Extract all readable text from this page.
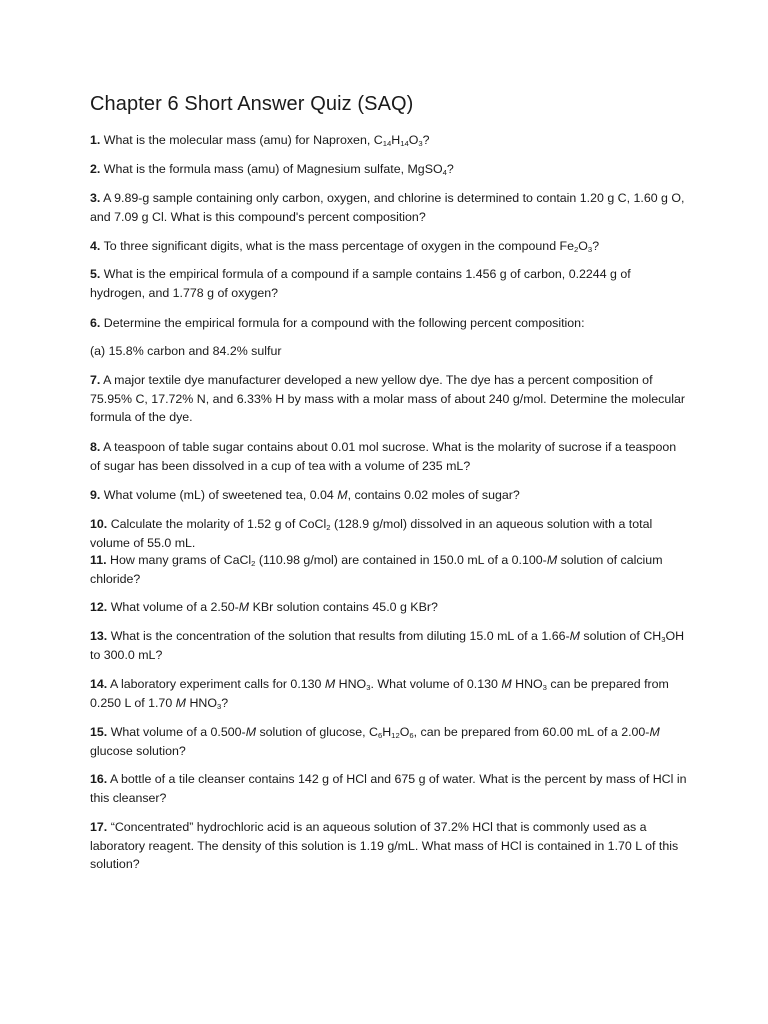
Chapter 6 Short Answer Quiz (SAQ)

1. What is the molecular mass (amu) for Naproxen, $C_{14}H_{14}O_3$?

2. What is the formula mass (amu) of Magnesium sulfate, MgSO$_4$?

3. A 9.89-g sample containing only carbon, oxygen, and chlorine is determined to contain 1.20 g C, 1.60 g O, and 7.09 g Cl. What is this compound's percent composition?

4. To three significant digits, what is the mass percentage of oxygen in the compound $Fe_2O_3$?

5. What is the empirical formula of a compound if a sample contains 1.456 g of carbon, 0.2244 g of hydrogen, and 1.778 g of oxygen?

6. Determine the empirical formula for a compound with the following percent composition:

(a) 15.8% carbon and 84.2% sulfur

7. A major textile dye manufacturer developed a new yellow dye. The dye has a percent composition of 75.95% C, 17.72% N, and 6.33% H by mass with a molar mass of about 240 g/mol. Determine the molecular formula of the dye.

8. A teaspoon of table sugar contains about 0.01 mol sucrose. What is the molarity of sucrose if a teaspoon of sugar has been dissolved in a cup of tea with a volume of 235 mL?

9. What volume (mL) of sweetened tea, 0.04 M, contains 0.02 moles of sugar?

10. Calculate the molarity of 1.52 g of CoCl$_2$ (128.9 g/mol) dissolved in an aqueous solution with a total volume of 55.0 mL.

11. How many grams of CaCl$_2$ (110.98 g/mol) are contained in 150.0 mL of a 0.100-M solution of calcium chloride?

12. What volume of a 2.50-M KBr solution contains 45.0 g KBr?

13. What is the concentration of the solution that results from diluting 15.0 mL of a 1.66-M solution of $CH_3OH$ to 300.0 mL?

14. A laboratory experiment calls for 0.130 M $HNO_3$. What volume of 0.130 M $HNO_3$ can be prepared from 0.250 L of 1.70 M $HNO_3$?

15. What volume of a 0.500-M solution of glucose, $C_6H_{12}O_6$, can be prepared from 60.00 mL of a 2.00-M glucose solution?

16. A bottle of a tile cleanser contains 142 g of HCl and 675 g of water. What is the percent by mass of HCl in this cleanser?

17. “Concentrated” hydrochloric acid is an aqueous solution of 37.2% HCl that is commonly used as a laboratory reagent. The density of this solution is 1.19 g/mL. What mass of HCl is contained in 1.70 L of this solution?
